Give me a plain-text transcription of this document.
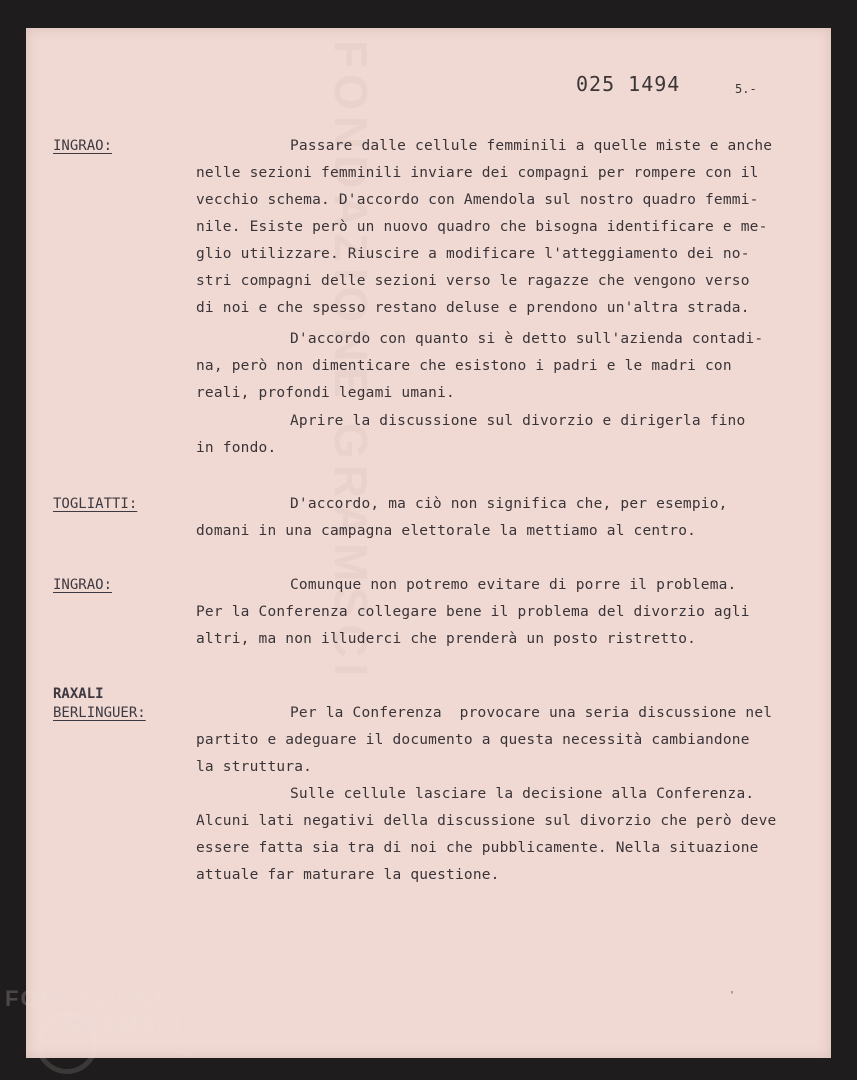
FONDAZIONE GRAMSCI	025 1494	5.-
INGRAO:	Passare dalle cellule femminili a quelle miste e anche
nelle sezioni femminili inviare dei compagni per rompere con il
vecchio schema. D'accordo con Amendola sul nostro quadro femmi-
nile. Esiste però un nuovo quadro che bisogna identificare e me-
glio utilizzare. Riuscire a modificare l'atteggiamento dei no-
stri compagni delle sezioni verso le ragazze che vengono verso
di noi e che spesso restano deluse e prendono un'altra strada.
D'accordo con quanto si è detto sull'azienda contadi-
na, però non dimenticare che esistono i padri e le madri con
reali, profondi legami umani.
Aprire la discussione sul divorzio e dirigerla fino
in fondo.
TOGLIATTI:	D'accordo, ma ciò non significa che, per esempio,
domani in una campagna elettorale la mettiamo al centro.
INGRAO:	Comunque non potremo evitare di porre il problema.
Per la Conferenza collegare bene il problema del divorzio agli
altri, ma non illuderci che prenderà un posto ristretto.
RAXALI
BERLINGUER:	Per la Conferenza  provocare una seria discussione nel
partito e adeguare il documento a questa necessità cambiandone
la struttura.
Sulle cellule lasciare la decisione alla Conferenza.
Alcuni lati negativi della discussione sul divorzio che però deve
essere fatta sia tra di noi che pubblicamente. Nella situazione
attuale far maturare la questione.
'
FONDAZIONE
GRAMSCI
onlus
